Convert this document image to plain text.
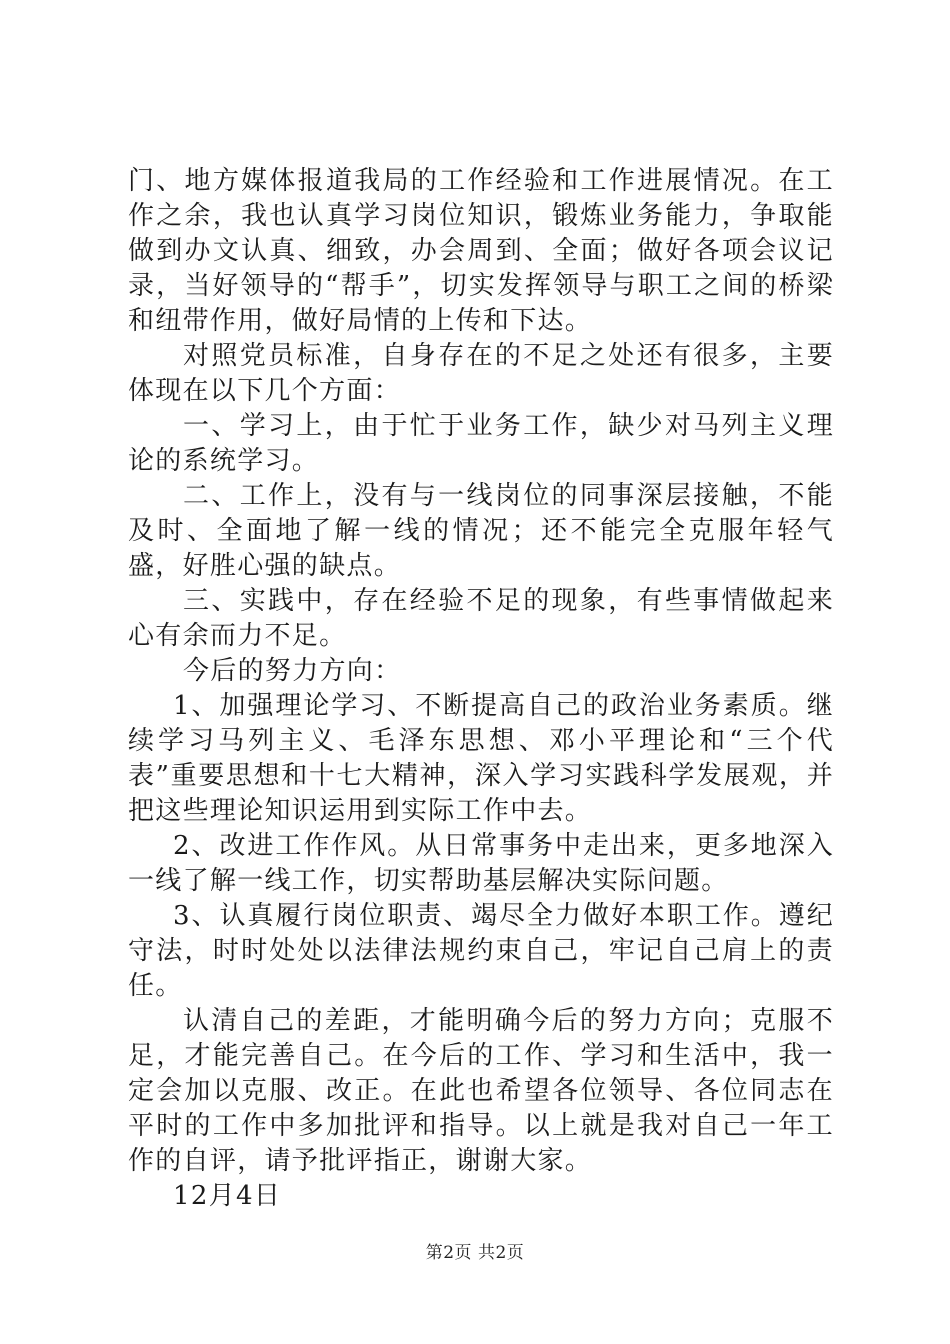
门、地方媒体报道我局的工作经验和工作进展情况。在工作之余，我也认真学习岗位知识，锻炼业务能力，争取能做到办文认真、细致，办会周到、全面；做好各项会议记录，当好领导的“帮手”，切实发挥领导与职工之间的桥梁和纽带作用，做好局情的上传和下达。

对照党员标准，自身存在的不足之处还有很多，主要体现在以下几个方面：

一、学习上，由于忙于业务工作，缺少对马列主义理论的系统学习。

二、工作上，没有与一线岗位的同事深层接触，不能及时、全面地了解一线的情况；还不能完全克服年轻气盛，好胜心强的缺点。

三、实践中，存在经验不足的现象，有些事情做起来心有余而力不足。

今后的努力方向：

1、加强理论学习、不断提高自己的政治业务素质。继续学习马列主义、毛泽东思想、邓小平理论和“三个代表”重要思想和十七大精神，深入学习实践科学发展观，并把这些理论知识运用到实际工作中去。

2、改进工作作风。从日常事务中走出来，更多地深入一线了解一线工作，切实帮助基层解决实际问题。

3、认真履行岗位职责、竭尽全力做好本职工作。遵纪守法，时时处处以法律法规约束自己，牢记自己肩上的责任。

认清自己的差距，才能明确今后的努力方向；克服不足，才能完善自己。在今后的工作、学习和生活中，我一定会加以克服、改正。在此也希望各位领导、各位同志在平时的工作中多加批评和指导。以上就是我对自己一年工作的自评，请予批评指正，谢谢大家。

12月4日

第2页 共2页
